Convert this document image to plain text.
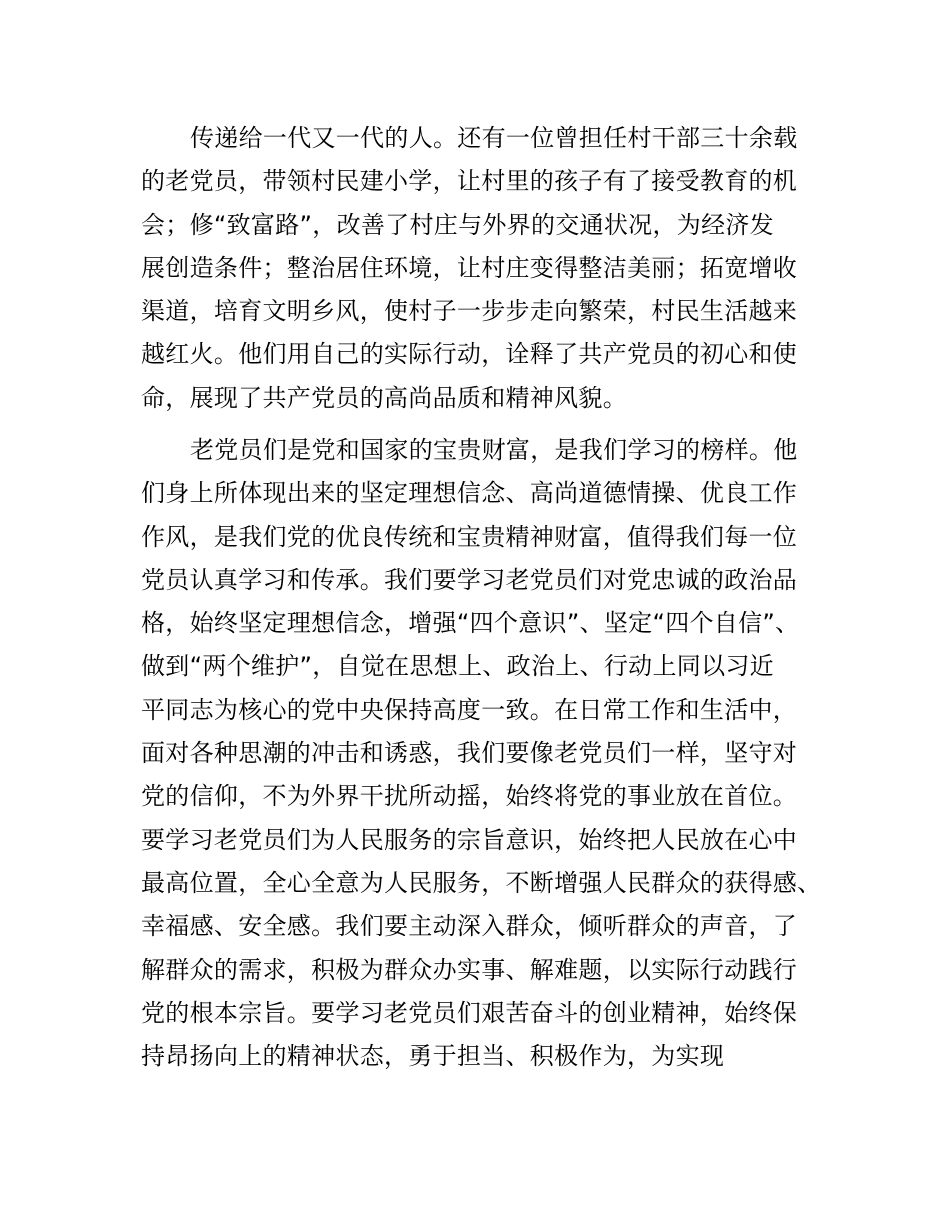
传递给一代又一代的人。还有一位曾担任村干部三十余载
的老党员，带领村民建小学，让村里的孩子有了接受教育的机
会；修“致富路”，改善了村庄与外界的交通状况，为经济发
展创造条件；整治居住环境，让村庄变得整洁美丽；拓宽增收
渠道，培育文明乡风，使村子一步步走向繁荣，村民生活越来
越红火。他们用自己的实际行动，诠释了共产党员的初心和使
命，展现了共产党员的高尚品质和精神风貌。
老党员们是党和国家的宝贵财富，是我们学习的榜样。他
们身上所体现出来的坚定理想信念、高尚道德情操、优良工作
作风，是我们党的优良传统和宝贵精神财富，值得我们每一位
党员认真学习和传承。我们要学习老党员们对党忠诚的政治品
格，始终坚定理想信念，增强“四个意识”、坚定“四个自信”、
做到“两个维护”，自觉在思想上、政治上、行动上同以习近
平同志为核心的党中央保持高度一致。在日常工作和生活中，
面对各种思潮的冲击和诱惑，我们要像老党员们一样，坚守对
党的信仰，不为外界干扰所动摇，始终将党的事业放在首位。
要学习老党员们为人民服务的宗旨意识，始终把人民放在心中
最高位置，全心全意为人民服务，不断增强人民群众的获得感、
幸福感、安全感。我们要主动深入群众，倾听群众的声音，了
解群众的需求，积极为群众办实事、解难题，以实际行动践行
党的根本宗旨。要学习老党员们艰苦奋斗的创业精神，始终保
持昂扬向上的精神状态，勇于担当、积极作为，为实现
